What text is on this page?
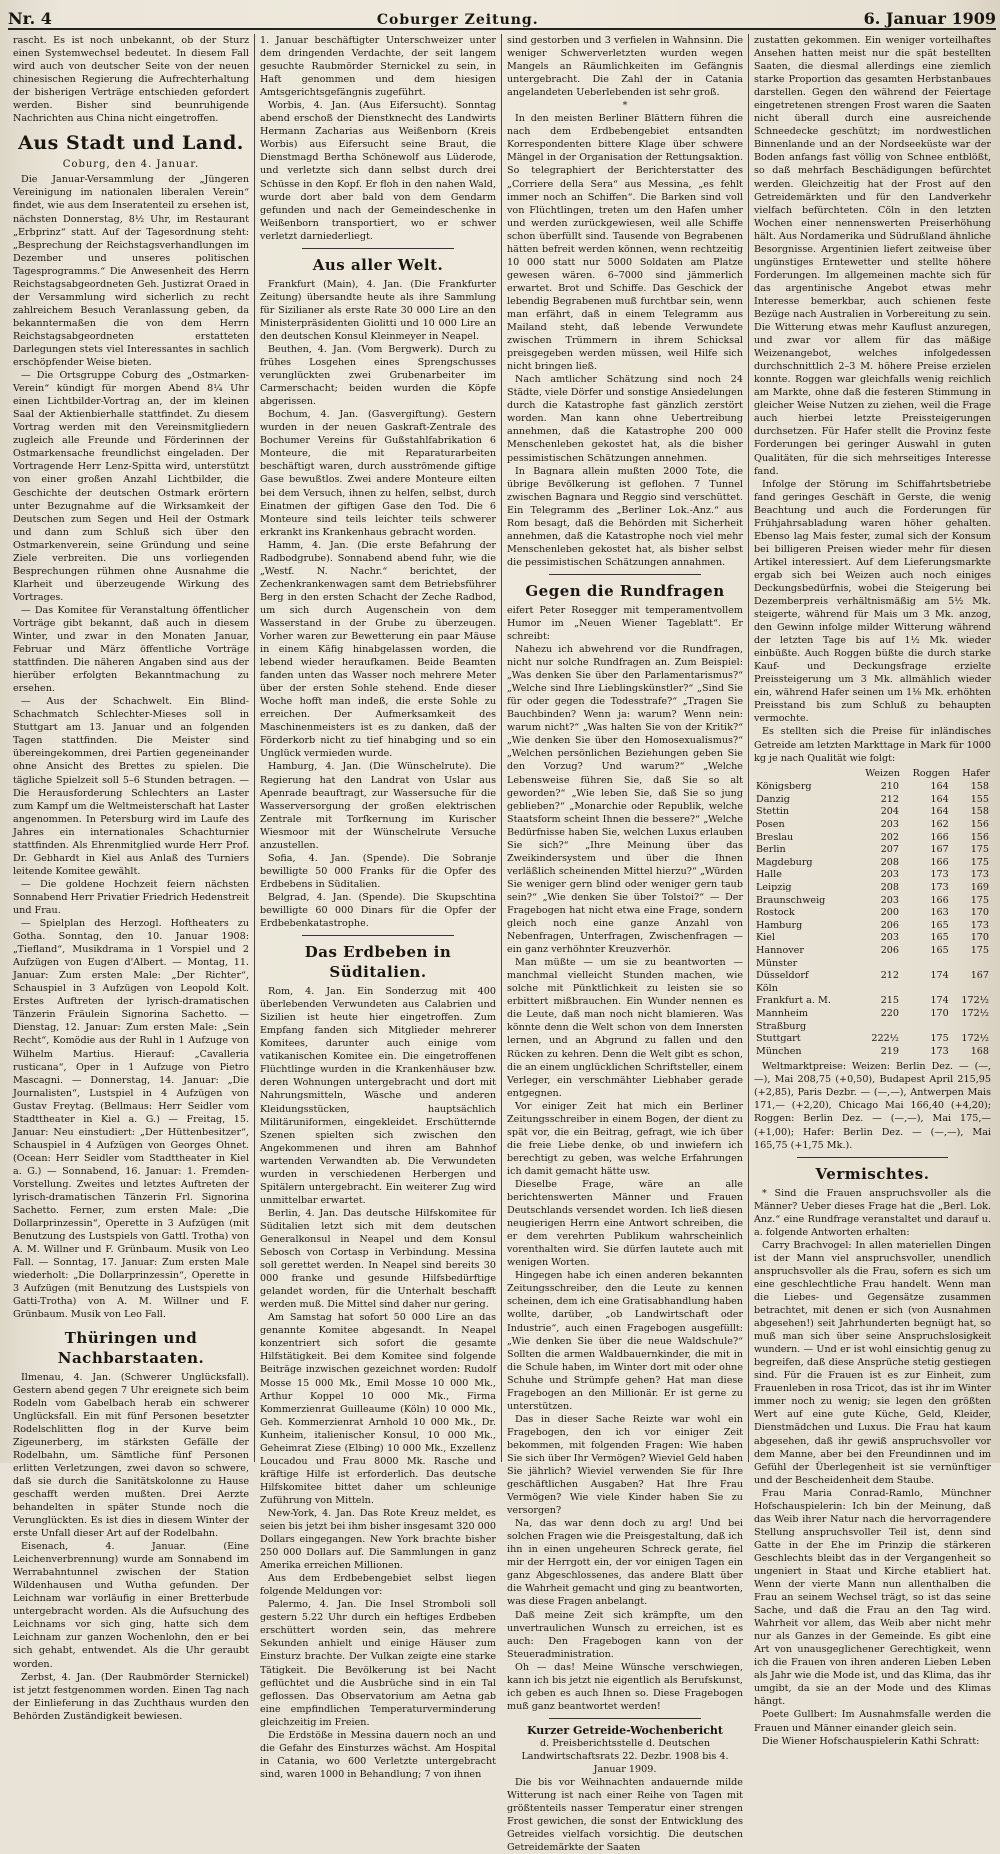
Nr. 4	Coburger Zeitung.	6. Januar 1909

rascht. Es ist noch unbekannt, ob der Sturz einen Systemwechsel bedeutet. In diesem Fall wird auch von deutscher Seite von der neuen chinesischen Regierung die Aufrechterhaltung der bisherigen Verträge entschieden gefordert werden. Bisher sind beunruhigende Nachrichten aus China nicht eingetroffen.

Aus Stadt und Land.
Coburg, den 4. Januar.

Die Januar-Versammlung der „Jüngeren Vereinigung im nationalen liberalen Verein“ findet, wie aus dem Inseratenteil zu ersehen ist, nächsten Donnerstag, 8½ Uhr, im Restaurant „Erbprinz“ statt. Auf der Tagesordnung steht: „Besprechung der Reichstagsverhandlungen im Dezember und unseres politischen Tagesprogramms.“ Die Anwesenheit des Herrn Reichstagsabgeordneten Geh. Justizrat Oraed in der Versammlung wird sicherlich zu recht zahlreichem Besuch Veranlassung geben, da bekanntermaßen die von dem Herrn Reichstagsabgeordneten erstatteten Darlegungen stets viel Interessantes in sachlich erschöpfender Weise bieten.

— Die Ortsgruppe Coburg des „Ostmarken-Verein“ kündigt für morgen Abend 8¼ Uhr einen Lichtbilder-Vortrag an, der im kleinen Saal der Aktienbierhalle stattfindet. Zu diesem Vortrag werden mit den Vereinsmitgliedern zugleich alle Freunde und Förderinnen der Ostmarkensache freundlichst eingeladen. Der Vortragende Herr Lenz-Spitta wird, unterstützt von einer großen Anzahl Lichtbilder, die Geschichte der deutschen Ostmark erörtern unter Bezugnahme auf die Wirksamkeit der Deutschen zum Segen und Heil der Ostmark und dann zum Schluß sich über den Ostmarkenverein, seine Gründung und seine Ziele verbreiten. Die uns vorliegenden Besprechungen rühmen ohne Ausnahme die Klarheit und überzeugende Wirkung des Vortrages.

— Das Komitee für Veranstaltung öffentlicher Vorträge gibt bekannt, daß auch in diesem Winter, und zwar in den Monaten Januar, Februar und März öffentliche Vorträge stattfinden. Die näheren Angaben sind aus der hierüber erfolgten Bekanntmachung zu ersehen.

— Aus der Schachwelt. Ein Blind-Schachmatch Schlechter-Mieses soll in Stuttgart am 13. Januar und an folgenden Tagen stattfinden. Die Meister sind übereingekommen, drei Partien gegeneinander ohne Ansicht des Brettes zu spielen. Die tägliche Spielzeit soll 5–6 Stunden betragen. — Die Herausforderung Schlechters an Laster zum Kampf um die Weltmeisterschaft hat Laster angenommen. In Petersburg wird im Laufe des Jahres ein internationales Schachturnier stattfinden. Als Ehrenmitglied wurde Herr Prof. Dr. Gebhardt in Kiel aus Anlaß des Turniers leitende Komitee gewählt.

— Die goldene Hochzeit feiern nächsten Sonnabend Herr Privatier Friedrich Hedenstreit und Frau.

— Spielplan des Herzogl. Hoftheaters zu Gotha. Sonntag, den 10. Januar 1908: „Tiefland“, Musikdrama in 1 Vorspiel und 2 Aufzügen von Eugen d'Albert. — Montag, 11. Januar: Zum ersten Male: „Der Richter“, Schauspiel in 3 Aufzügen von Leopold Kolt. Erstes Auftreten der lyrisch-dramatischen Tänzerin Fräulein Signorina Sachetto. — Dienstag, 12. Januar: Zum ersten Male: „Sein Recht“, Komödie aus der Ruhl in 1 Aufzuge von Wilhelm Martius. Hierauf: „Cavalleria rusticana“, Oper in 1 Aufzuge von Pietro Mascagni. — Donnerstag, 14. Januar: „Die Journalisten“, Lustspiel in 4 Aufzügen von Gustav Freytag. (Bellmaus: Herr Seidler vom Stadttheater in Kiel a. G.) — Freitag, 15. Januar: Neu einstudiert: „Der Hüttenbesitzer“, Schauspiel in 4 Aufzügen von Georges Ohnet. (Ocean: Herr Seidler vom Stadttheater in Kiel a. G.) — Sonnabend, 16. Januar: 1. Fremden-Vorstellung. Zweites und letztes Auftreten der lyrisch-dramatischen Tänzerin Frl. Signorina Sachetto. Ferner, zum ersten Male: „Die Dollarprinzessin“, Operette in 3 Aufzügen (mit Benutzung des Lustspiels von Gattl. Trotha) von A. M. Willner und F. Grünbaum. Musik von Leo Fall. — Sonntag, 17. Januar: Zum ersten Male wiederholt: „Die Dollarprinzessin“, Operette in 3 Aufzügen (mit Benutzung des Lustspiels von Gatti-Trotha) von A. M. Willner und F. Grünbaum. Musik von Leo Fall.

Thüringen und Nachbarstaaten.

Ilmenau, 4. Jan. (Schwerer Unglücksfall). Gestern abend gegen 7 Uhr ereignete sich beim Rodeln vom Gabelbach herab ein schwerer Unglücksfall. Ein mit fünf Personen besetzter Rodelschlitten flog in der Kurve beim Zigeunerberg, im stärksten Gefälle der Rodelbahn, um. Sämtliche fünf Personen erlitten Verletzungen, zwei davon so schwere, daß sie durch die Sanitätskolonne zu Hause geschafft werden mußten. Drei Aerzte behandelten in später Stunde noch die Verunglückten. Es ist dies in diesem Winter der erste Unfall dieser Art auf der Rodelbahn.

Eisenach, 4. Januar. (Eine Leichenverbrennung) wurde am Sonnabend im Werrabahntunnel zwischen der Station Wildenhausen und Wutha gefunden. Der Leichnam war vorläufig in einer Bretterbude untergebracht worden. Als die Aufsuchung des Leichnams vor sich ging, hatte sich dem Leichnam zur ganzen Wochenlohn, den er bei sich gehabt, entwendet. Als die Uhr geraubt worden.

Zerbst, 4. Jan. (Der Raubmörder Sternickel) ist jetzt festgenommen worden. Einen Tag nach der Einlieferung in das Zuchthaus wurden den Behörden Zuständigkeit bewiesen.

1. Januar beschäftigter Unterschweizer unter dem dringenden Verdachte, der seit langem gesuchte Raubmörder Sternickel zu sein, in Haft genommen und dem hiesigen Amtsgerichtsgefängnis zugeführt.

Worbis, 4. Jan. (Aus Eifersucht). Sonntag abend erschoß der Dienstknecht des Landwirts Hermann Zacharias aus Weißenborn (Kreis Worbis) aus Eifersucht seine Braut, die Dienstmagd Bertha Schönewolf aus Lüderode, und verletzte sich dann selbst durch drei Schüsse in den Kopf. Er floh in den nahen Wald, wurde dort aber bald von dem Gendarm gefunden und nach der Gemeindeschenke in Weißenborn transportiert, wo er schwer verletzt darniederliegt.

Aus aller Welt.

Frankfurt (Main), 4. Jan. (Die Frankfurter Zeitung) übersandte heute als ihre Sammlung für Sizilianer als erste Rate 30 000 Lire an den Ministerpräsidenten Giolitti und 10 000 Lire an den deutschen Konsul Kleinmeyer in Neapel.

Beuthen, 4. Jan. (Vom Bergwerk). Durch zu frühes Losgehen eines Sprengschusses verunglückten zwei Grubenarbeiter im Carmerschacht; beiden wurden die Köpfe abgerissen.

Bochum, 4. Jan. (Gasvergiftung). Gestern wurden in der neuen Gaskraft-Zentrale des Bochumer Vereins für Gußstahlfabrikation 6 Monteure, die mit Reparaturarbeiten beschäftigt waren, durch ausströmende giftige Gase bewußtlos. Zwei andere Monteure eilten bei dem Versuch, ihnen zu helfen, selbst, durch Einatmen der giftigen Gase den Tod. Die 6 Monteure sind teils leichter teils schwerer erkrankt ins Krankenhaus gebracht worden.

Hamm, 4. Jan. (Die erste Befahrung der Radbodgrube). Sonnabend abend fuhr, wie die „Westf. N. Nachr.“ berichtet, der Zechenkrankenwagen samt dem Betriebsführer Berg in den ersten Schacht der Zeche Radbod, um sich durch Augenschein von dem Wasserstand in der Grube zu überzeugen. Vorher waren zur Bewetterung ein paar Mäuse in einem Käfig hinabgelassen worden, die lebend wieder heraufkamen. Beide Beamten fanden unten das Wasser noch mehrere Meter über der ersten Sohle stehend. Ende dieser Woche hofft man indeß, die erste Sohle zu erreichen. Der Aufmerksamkeit des Maschinenmeisters ist es zu danken, daß der Förderkorb nicht zu tief hinabging und so ein Unglück vermieden wurde.

Hamburg, 4. Jan. (Die Wünschelrute). Die Regierung hat den Landrat von Uslar aus Apenrade beauftragt, zur Wassersuche für die Wasserversorgung der großen elektrischen Zentrale mit Torfkernung im Kurischer Wiesmoor mit der Wünschelrute Versuche anzustellen.

Sofia, 4. Jan. (Spende). Die Sobranje bewilligte 50 000 Franks für die Opfer des Erdbebens in Süditalien.

Belgrad, 4. Jan. (Spende). Die Skupschtina bewilligte 60 000 Dinars für die Opfer der Erdbebenkatastrophe.

Das Erdbeben in Süditalien.

Rom, 4. Jan. Ein Sonderzug mit 400 überlebenden Verwundeten aus Calabrien und Sizilien ist heute hier eingetroffen. Zum Empfang fanden sich Mitglieder mehrerer Komitees, darunter auch einige vom vatikanischen Komitee ein. Die eingetroffenen Flüchtlinge wurden in die Krankenhäuser bzw. deren Wohnungen untergebracht und dort mit Nahrungsmitteln, Wäsche und anderen Kleidungsstücken, hauptsächlich Militäruniformen, eingekleidet. Erschütternde Szenen spielten sich zwischen den Angekommenen und ihren am Bahnhof wartenden Verwandten ab. Die Verwundeten wurden in verschiedenen Herbergen und Spitälern untergebracht. Ein weiterer Zug wird unmittelbar erwartet.

Berlin, 4. Jan. Das deutsche Hilfskomitee für Süditalien letzt sich mit dem deutschen Generalkonsul in Neapel und dem Konsul Sebosch von Cortasp in Verbindung. Messina soll gerettet werden. In Neapel sind bereits 30 000 franke und gesunde Hilfsbedürftige gelandet worden, für die Unterhalt beschafft werden muß. Die Mittel sind daher nur gering.

Am Samstag hat sofort 50 000 Lire an das genannte Komitee abgesandt. In Neapel konzentriert sich sofort die gesamte Hilfstätigkeit. Bei dem Komitee sind folgende Beiträge inzwischen gezeichnet worden: Rudolf Mosse 15 000 Mk., Emil Mosse 10 000 Mk., Arthur Koppel 10 000 Mk., Firma Kommerzienrat Guilleaume (Köln) 10 000 Mk., Geh. Kommerzienrat Arnhold 10 000 Mk., Dr. Kunheim, italienischer Konsul, 10 000 Mk., Geheimrat Ziese (Elbing) 10 000 Mk., Exzellenz Loucadou und Frau 8000 Mk. Rasche und kräftige Hilfe ist erforderlich. Das deutsche Hilfskomitee bittet daher um schleunige Zuführung von Mitteln.

New-York, 4. Jan. Das Rote Kreuz meldet, es seien bis jetzt bei ihm bisher insgesamt 320 000 Dollars eingegangen. New York brachte bisher 250 000 Dollars auf. Die Sammlungen in ganz Amerika erreichen Millionen.

Aus dem Erdbebengebiet selbst liegen folgende Meldungen vor:

Palermo, 4. Jan. Die Insel Stromboli soll gestern 5.22 Uhr durch ein heftiges Erdbeben erschüttert worden sein, das mehrere Sekunden anhielt und einige Häuser zum Einsturz brachte. Der Vulkan zeigte eine starke Tätigkeit. Die Bevölkerung ist bei Nacht geflüchtet und die Ausbrüche sind in ein Tal geflossen. Das Observatorium am Aetna gab eine empfindlichen Temperaturverminderung gleichzeitig im Freien.

Die Erdstöße in Messina dauern noch an und die Gefahr des Einsturzes wächst. Am Hospital in Catania, wo 600 Verletzte untergebracht sind, waren 1000 in Behandlung; 7 von ihnen

sind gestorben und 3 verfielen in Wahnsinn. Die weniger Schwerverletzten wurden wegen Mangels an Räumlichkeiten im Gefängnis untergebracht. Die Zahl der in Catania angelandeten Ueberlebenden ist sehr groß.

*

In den meisten Berliner Blättern führen die nach dem Erdbebengebiet entsandten Korrespondenten bittere Klage über schwere Mängel in der Organisation der Rettungsaktion. So telegraphiert der Berichterstatter des „Corriere della Sera“ aus Messina, „es fehlt immer noch an Schiffen“. Die Barken sind voll von Flüchtlingen, treten um den Hafen umher und werden zurückgewiesen, weil alle Schiffe schon überfüllt sind. Tausende von Begrabenen hätten befreit werden können, wenn rechtzeitig 10 000 statt nur 5000 Soldaten am Platze gewesen wären. 6–7000 sind jämmerlich erwartet. Brot und Schiffe. Das Geschick der lebendig Begrabenen muß furchtbar sein, wenn man erfährt, daß in einem Telegramm aus Mailand steht, daß lebende Verwundete zwischen Trümmern in ihrem Schicksal preisgegeben werden müssen, weil Hilfe sich nicht bringen ließ.

Nach amtlicher Schätzung sind noch 24 Städte, viele Dörfer und sonstige Ansiedelungen durch die Katastrophe fast gänzlich zerstört worden. Man kann ohne Uebertreibung annehmen, daß die Katastrophe 200 000 Menschenleben gekostet hat, als die bisher pessimistischen Schätzungen annehmen.

In Bagnara allein mußten 2000 Tote, die übrige Bevölkerung ist geflohen. 7 Tunnel zwischen Bagnara und Reggio sind verschüttet. Ein Telegramm des „Berliner Lok.-Anz.“ aus Rom besagt, daß die Behörden mit Sicherheit annehmen, daß die Katastrophe noch viel mehr Menschenleben gekostet hat, als bisher selbst die pessimistischen Schätzungen annahmen.

Gegen die Rundfragen

eifert Peter Rosegger mit temperamentvollem Humor im „Neuen Wiener Tageblatt“. Er schreibt:

Nahezu ich abwehrend vor die Rundfragen, nicht nur solche Rundfragen an. Zum Beispiel: „Was denken Sie über den Parlamentarismus?“ „Welche sind Ihre Lieblingskünstler?“ „Sind Sie für oder gegen die Todesstrafe?“ „Tragen Sie Bauchbinden? Wenn ja: warum? Wenn nein: warum nicht?“ „Was halten Sie von der Kritik?“ „Wie denken Sie über den Homosexualismus?“ „Welchen persönlichen Beziehungen geben Sie den Vorzug? Und warum?“ „Welche Lebensweise führen Sie, daß Sie so alt geworden?“ „Wie leben Sie, daß Sie so jung geblieben?“ „Monarchie oder Republik, welche Staatsform scheint Ihnen die bessere?“ „Welche Bedürfnisse haben Sie, welchen Luxus erlauben Sie sich?“ „Ihre Meinung über das Zweikindersystem und über die Ihnen verläßlich scheinenden Mittel hierzu?“ „Würden Sie weniger gern blind oder weniger gern taub sein?“ „Wie denken Sie über Tolstoi?“ — Der Fragebogen hat nicht etwa eine Frage, sondern gleich noch eine ganze Anzahl von Nebenfragen, Unterfragen, Zwischenfragen — ein ganz verhöhnter Kreuzverhör.

Man müßte — um sie zu beantworten — manchmal vielleicht Stunden machen, wie solche mit Pünktlichkeit zu leisten sie so erbittert mißbrauchen. Ein Wunder nennen es die Leute, daß man noch nicht blamieren. Was könnte denn die Welt schon von dem Innersten lernen, und an Abgrund zu fallen und den Rücken zu kehren. Denn die Welt gibt es schon, die an einem unglücklichen Schriftsteller, einem Verleger, ein verschmähter Liebhaber gerade entgegnen.

Vor einiger Zeit hat mich ein Berliner Zeitungsschreiber in einem Bogen, der dient zu spät vor, die ein Beitrag, gefragt, wie ich über die freie Liebe denke, ob und inwiefern ich berechtigt zu geben, was welche Erfahrungen ich damit gemacht hätte usw.

Dieselbe Frage, wäre an alle berichtenswerten Männer und Frauen Deutschlands versendet worden. Ich ließ diesen neugierigen Herrn eine Antwort schreiben, die er dem verehrten Publikum wahrscheinlich vorenthalten wird. Sie dürfen lautete auch mit wenigen Worten.

Hingegen habe ich einen anderen bekannten Zeitungsschreiber, den die Leute zu kennen scheinen, dem ich eine Gratisabhandlung haben wollte, darüber, „ob Landwirtschaft oder Industrie“, auch einen Fragebogen ausgefüllt: „Wie denken Sie über die neue Waldschule?“ Sollten die armen Waldbauernkinder, die mit in die Schule haben, im Winter dort mit oder ohne Schuhe und Strümpfe gehen? Hat man diese Fragebogen an den Millionär. Er ist gerne zu unterstützen.

Das in dieser Sache Reizte war wohl ein Fragebogen, den ich vor einiger Zeit bekommen, mit folgenden Fragen: Wie haben Sie sich über Ihr Vermögen? Wieviel Geld haben Sie jährlich? Wieviel verwenden Sie für Ihre geschäftlichen Ausgaben? Hat Ihre Frau Vermögen? Wie viele Kinder haben Sie zu versorgen?

Na, das war denn doch zu arg! Und bei solchen Fragen wie die Preisgestaltung, daß ich ihn in einen ungeheuren Schreck gerate, fiel mir der Herrgott ein, der vor einigen Tagen ein ganz Abgeschlossenes, das andere Blatt über die Wahrheit gemacht und ging zu beantworten, was diese Fragen anbelangt.

Daß meine Zeit sich krämpfte, um den unvertraulichen Wunsch zu erreichen, ist es auch: Den Fragebogen kann von der Steueradministration.

Oh — das! Meine Wünsche verschwiegen, kann ich bis jetzt nie eigentlich als Berufskunst, ich geben es auch Ihnen so. Diese Fragebogen muß ganz beantwortet werden!

Kurzer Getreide-Wochenbericht

d. Preisberichtsstelle d. Deutschen Landwirtschaftsrats 22. Dezbr. 1908 bis 4. Januar 1909.

Die bis vor Weihnachten andauernde milde Witterung ist nach einer Reihe von Tagen mit größtenteils nasser Temperatur einer strengen Frost gewichen, die sonst der Entwicklung des Getreides vielfach vorsichtig. Die deutschen Getreidemärkte der Saaten

zustatten gekommen. Ein weniger vorteilhaftes Ansehen hatten meist nur die spät bestellten Saaten, die diesmal allerdings eine ziemlich starke Proportion das gesamten Herbstanbaues darstellen. Gegen den während der Feiertage eingetretenen strengen Frost waren die Saaten nicht überall durch eine ausreichende Schneedecke geschützt; im nordwestlichen Binnenlande und an der Nordseeküste war der Boden anfangs fast völlig von Schnee entblößt, so daß mehrfach Beschädigungen befürchtet werden. Gleichzeitig hat der Frost auf den Getreidemärkten und für den Landverkehr vielfach befürchteten. Cöln in den letzten Wochen einer nennenswerten Preiserhöhung hält. Aus Nordamerika und Südrußland ähnliche Besorgnisse. Argentinien liefert zeitweise über ungünstiges Erntewetter und stellte höhere Forderungen. Im allgemeinen machte sich für das argentinische Angebot etwas mehr Interesse bemerkbar, auch schienen feste Bezüge nach Australien in Vorbereitung zu sein. Die Witterung etwas mehr Kauflust anzuregen, und zwar vor allem für das mäßige Weizenangebot, welches infolgedessen durchschnittlich 2–3 M. höhere Preise erzielen konnte. Roggen war gleichfalls wenig reichlich am Markte, ohne daß die festeren Stimmung in gleicher Weise Nutzen zu ziehen, weil die Frage auch hierbei letzte Preissteigerungen durchsetzen. Für Hafer stellt die Provinz feste Forderungen bei geringer Auswahl in guten Qualitäten, für die sich mehrseitiges Interesse fand.

Infolge der Störung im Schiffahrtsbetriebe fand geringes Geschäft in Gerste, die wenig Beachtung und auch die Forderungen für Frühjahrsabladung waren höher gehalten. Ebenso lag Mais fester, zumal sich der Konsum bei billigeren Preisen wieder mehr für diesen Artikel interessiert. Auf dem Lieferungsmarkte ergab sich bei Weizen auch noch einiges Deckungsbedürfnis, wobei die Steigerung bei Dezemberpreis verhältnismäßig am 5½ Mk. steigerte, während für Mais um 3 Mk. anzog, den Gewinn infolge milder Witterung während der letzten Tage bis auf 1½ Mk. wieder einbüßte. Auch Roggen büßte die durch starke Kauf- und Deckungsfrage erzielte Preissteigerung um 3 Mk. allmählich wieder ein, während Hafer seinen um 1⅛ Mk. erhöhten Preisstand bis zum Schluß zu behaupten vermochte.

Es stellten sich die Preise für inländisches Getreide am letzten Markttage in Mark für 1000 kg je nach Qualität wie folgt:

	Weizen	Roggen	Hafer
Königsberg	210	164	158
Danzig	212	164	155
Stettin	204	164	158
Posen	203	162	156
Breslau	202	166	156
Berlin	207	167	175
Magdeburg	208	166	175
Halle	203	173	173
Leipzig	208	173	169
Braunschweig	203	166	175
Rostock	200	163	170
Hamburg	206	165	173
Kiel	203	165	170
Hannover	206	165	175
Münster			
Düsseldorf	212	174	167
Köln			
Frankfurt a. M.	215	174	172½
Mannheim	220	170	172½
Straßburg			
Stuttgart	222½	175	172½
München	219	173	168

Weltmarktpreise: Weizen: Berlin Dez. — (—,—), Mai 208,75 (+0,50), Budapest April 215,95 (+2,85), Paris Dezbr. — (—,—), Antwerpen Mais 171,— (+2,20), Chicago Mai 166,40 (+4,20); Roggen: Berlin Dez. — (—,—), Mai 175,— (+1,00); Hafer: Berlin Dez. — (—,—), Mai 165,75 (+1,75 Mk.).

Vermischtes.

* Sind die Frauen anspruchsvoller als die Männer? Ueber dieses Frage hat die „Berl. Lok. Anz.“ eine Rundfrage veranstaltet und darauf u. a. folgende Antworten erhalten:

Carry Brachvogel: In allen materiellen Dingen ist der Mann viel anspruchsvoller, unendlich anspruchsvoller als die Frau, sofern es sich um eine geschlechtliche Frau handelt. Wenn man die Liebes- und Gegensätze zusammen betrachtet, mit denen er sich (von Ausnahmen abgesehen!) seit Jahrhunderten begnügt hat, so muß man sich über seine Anspruchslosigkeit wundern. — Und er ist wohl einsichtig genug zu begreifen, daß diese Ansprüche stetig gestiegen sind. Für die Frauen ist es zur Einheit, zum Frauenleben in rosa Tricot, das ist ihr im Winter immer noch zu wenig; sie legen den größten Wert auf eine gute Küche, Geld, Kleider, Dienstmädchen und Luxus. Die Frau hat kaum abgesehen, daß ihr gewiß anspruchsvoller vor dem Manne, aber bei den Freundinnen und im Gefühl der Überlegenheit ist sie vernünftiger und der Bescheidenheit dem Staube.

Frau Maria Conrad-Ramlo, Münchner Hofschauspielerin: Ich bin der Meinung, daß das Weib ihrer Natur nach die hervorragendere Stellung anspruchsvoller Teil ist, denn sind Gatte in der Ehe im Prinzip die stärkeren Geschlechts bleibt das in der Vergangenheit so ungeniert in Staat und Kirche etabliert hat. Wenn der vierte Mann nun allenthalben die Frau an seinem Wechsel trägt, so ist das seine Sache, und daß die Frau an den Tag wird. Wahrheit vor allem, das Weib aber nicht mehr nur als Ganzes in der Gemeinde. Es gibt eine Art von unausgeglichener Gerechtigkeit, wenn ich die Frauen von ihren anderen Lieben Leben als Jahr wie die Mode ist, und das Klima, das ihr umgibt, da sie an der Mode und des Klimas hängt.

Poete Gullbert: Im Ausnahmsfalle werden die Frauen und Männer einander gleich sein.

Die Wiener Hofschauspielerin Kathi Schratt:
